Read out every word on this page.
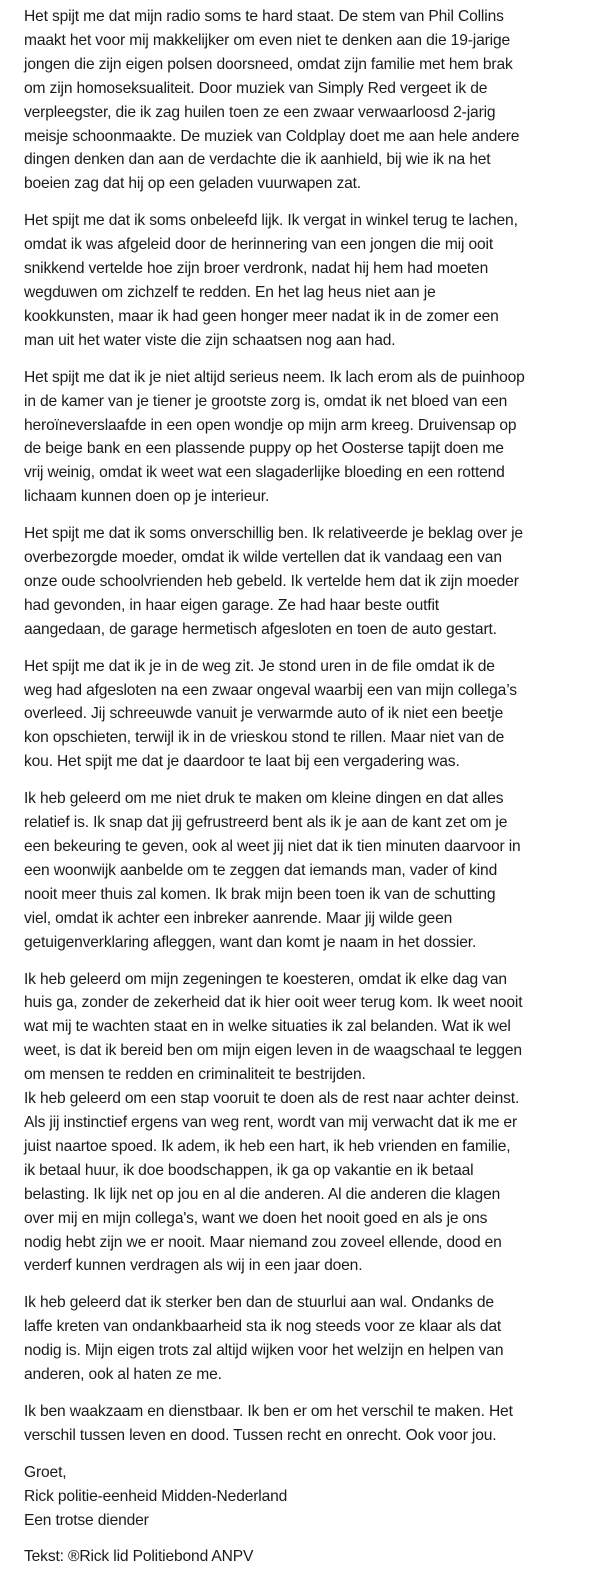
Het spijt me dat mijn radio soms te hard staat. De stem van Phil Collins
maakt het voor mij makkelijker om even niet te denken aan die 19-jarige
jongen die zijn eigen polsen doorsneed, omdat zijn familie met hem brak
om zijn homoseksualiteit. Door muziek van Simply Red vergeet ik de
verpleegster, die ik zag huilen toen ze een zwaar verwaarloosd 2-jarig
meisje schoonmaakte. De muziek van Coldplay doet me aan hele andere
dingen denken dan aan de verdachte die ik aanhield, bij wie ik na het
boeien zag dat hij op een geladen vuurwapen zat.
Het spijt me dat ik soms onbeleefd lijk. Ik vergat in winkel terug te lachen,
omdat ik was afgeleid door de herinnering van een jongen die mij ooit
snikkend vertelde hoe zijn broer verdronk, nadat hij hem had moeten
wegduwen om zichzelf te redden. En het lag heus niet aan je
kookkunsten, maar ik had geen honger meer nadat ik in de zomer een
man uit het water viste die zijn schaatsen nog aan had.
Het spijt me dat ik je niet altijd serieus neem. Ik lach erom als de puinhoop
in de kamer van je tiener je grootste zorg is, omdat ik net bloed van een
heroïneverslaafde in een open wondje op mijn arm kreeg. Druivensap op
de beige bank en een plassende puppy op het Oosterse tapijt doen me
vrij weinig, omdat ik weet wat een slagaderlijke bloeding en een rottend
lichaam kunnen doen op je interieur.
Het spijt me dat ik soms onverschillig ben. Ik relativeerde je beklag over je
overbezorgde moeder, omdat ik wilde vertellen dat ik vandaag een van
onze oude schoolvrienden heb gebeld. Ik vertelde hem dat ik zijn moeder
had gevonden, in haar eigen garage. Ze had haar beste outfit
aangedaan, de garage hermetisch afgesloten en toen de auto gestart.
Het spijt me dat ik je in de weg zit. Je stond uren in de file omdat ik de
weg had afgesloten na een zwaar ongeval waarbij een van mijn collega’s
overleed. Jij schreeuwde vanuit je verwarmde auto of ik niet een beetje
kon opschieten, terwijl ik in de vrieskou stond te rillen. Maar niet van de
kou. Het spijt me dat je daardoor te laat bij een vergadering was.
Ik heb geleerd om me niet druk te maken om kleine dingen en dat alles
relatief is. Ik snap dat jij gefrustreerd bent als ik je aan de kant zet om je
een bekeuring te geven, ook al weet jij niet dat ik tien minuten daarvoor in
een woonwijk aanbelde om te zeggen dat iemands man, vader of kind
nooit meer thuis zal komen. Ik brak mijn been toen ik van de schutting
viel, omdat ik achter een inbreker aanrende. Maar jij wilde geen
getuigenverklaring afleggen, want dan komt je naam in het dossier.
Ik heb geleerd om mijn zegeningen te koesteren, omdat ik elke dag van
huis ga, zonder de zekerheid dat ik hier ooit weer terug kom. Ik weet nooit
wat mij te wachten staat en in welke situaties ik zal belanden. Wat ik wel
weet, is dat ik bereid ben om mijn eigen leven in de waagschaal te leggen
om mensen te redden en criminaliteit te bestrijden.
Ik heb geleerd om een stap vooruit te doen als de rest naar achter deinst.
Als jij instinctief ergens van weg rent, wordt van mij verwacht dat ik me er
juist naartoe spoed. Ik adem, ik heb een hart, ik heb vrienden en familie,
ik betaal huur, ik doe boodschappen, ik ga op vakantie en ik betaal
belasting. Ik lijk net op jou en al die anderen. Al die anderen die klagen
over mij en mijn collega's, want we doen het nooit goed en als je ons
nodig hebt zijn we er nooit. Maar niemand zou zoveel ellende, dood en
verderf kunnen verdragen als wij in een jaar doen.
Ik heb geleerd dat ik sterker ben dan de stuurlui aan wal. Ondanks de
laffe kreten van ondankbaarheid sta ik nog steeds voor ze klaar als dat
nodig is. Mijn eigen trots zal altijd wijken voor het welzijn en helpen van
anderen, ook al haten ze me.
Ik ben waakzaam en dienstbaar. Ik ben er om het verschil te maken. Het
verschil tussen leven en dood. Tussen recht en onrecht. Ook voor jou.
Groet,
Rick politie-eenheid Midden-Nederland
Een trotse diender
Tekst: ®Rick lid Politiebond ANPV
